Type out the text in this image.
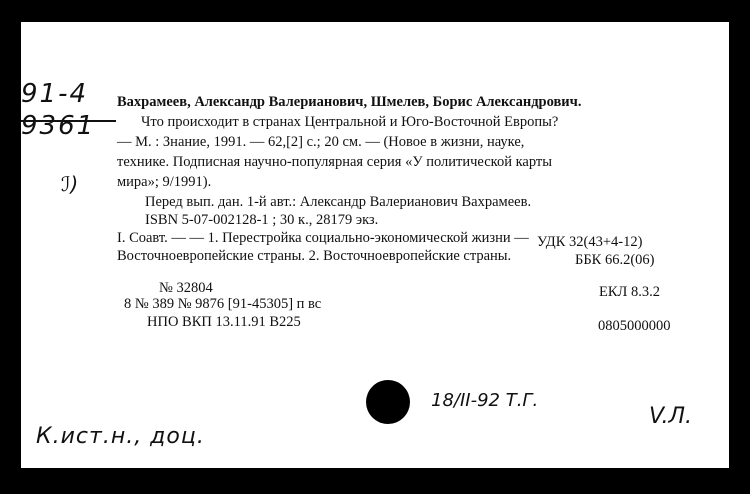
91-4
9361
Вахрамеев, Александр Валерианович, Шмелев, Борис Александрович.
Что происходит в странах Центральной и Юго-Восточной Европы?
— М. : Знание, 1991. — 62,[2] с.; 20 см. — (Новое в жизни, науке,
технике. Подписная научно-популярная серия «У политической карты
мира»; 9/1991).
Перед вып. дан. 1-й авт.: Александр Валерианович Вахрамеев.
ISBN 5-07-002128-1 ; 30 к., 28179 экз.
I. Соавт. — — 1. Перестройка социально-экономической жизни —
Восточноевропейские страны. 2. Восточноевропейские страны.
УДК 32(43+4-12)
ББК 66.2(06)
№ 32804
8 № 389 № 9876 [91-45305] п вс
НПО ВКП 13.11.91 В225
ЕКЛ 8.3.2
0805000000
ℐ)
18/II-92 Т.Г.
V.Л.
К.ист.н., доц.
